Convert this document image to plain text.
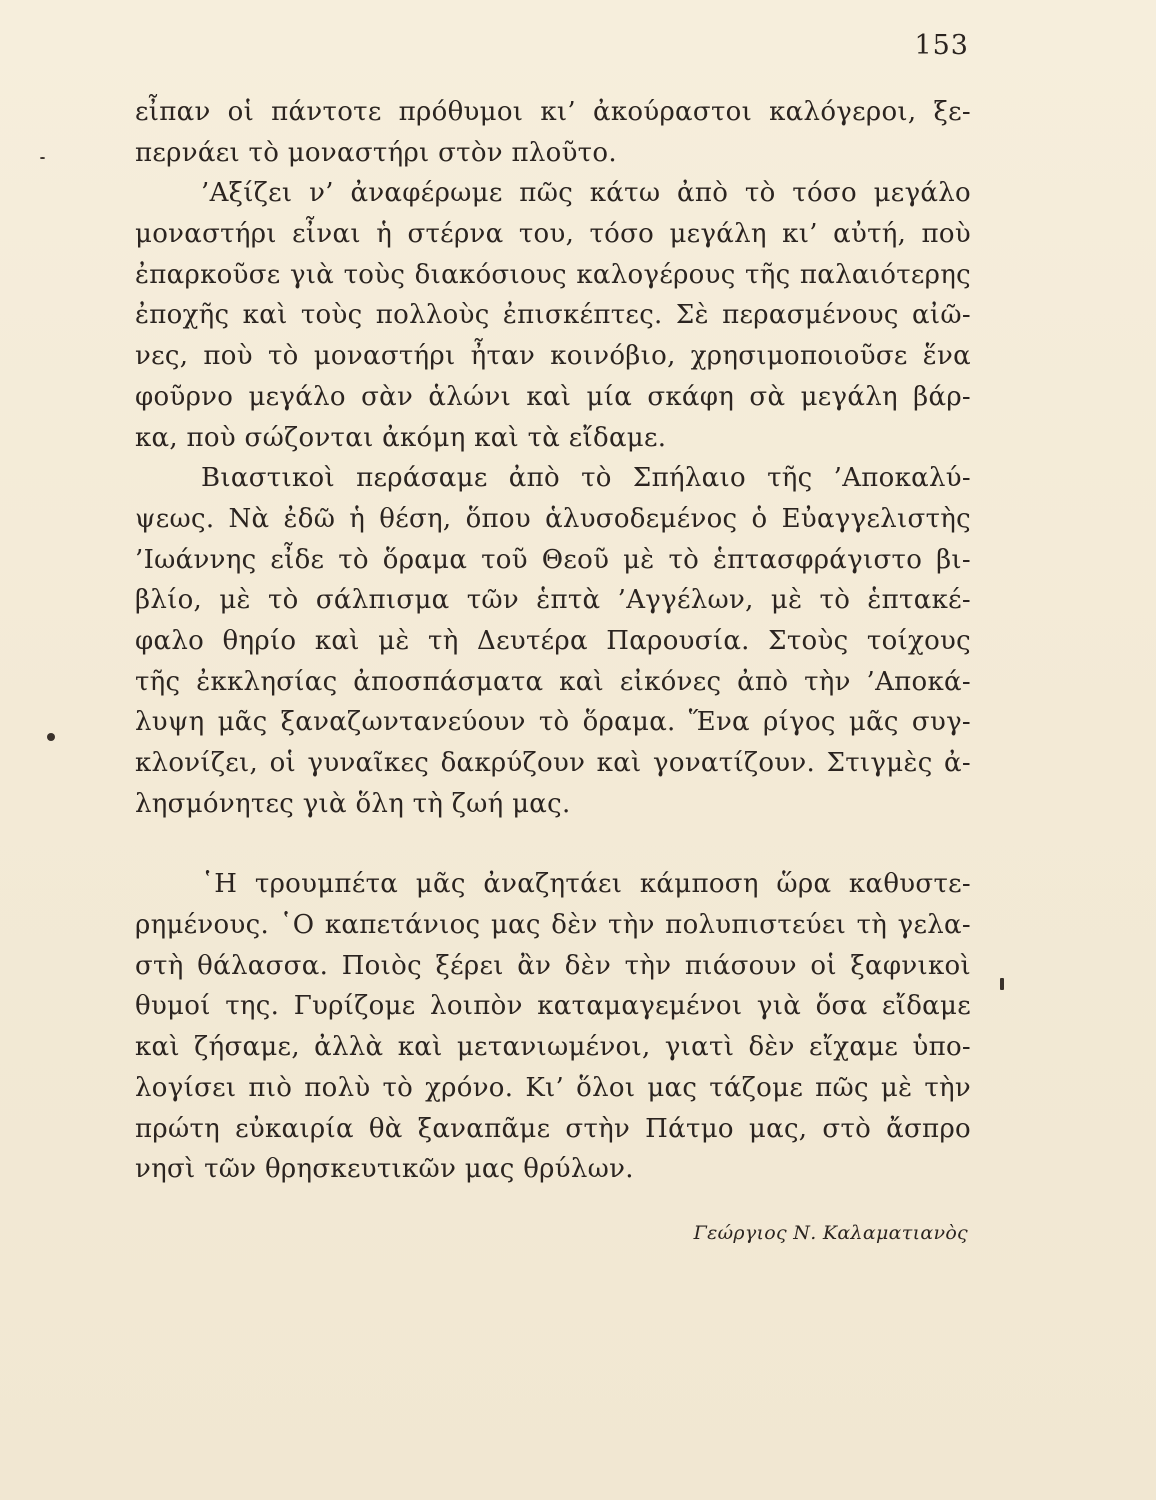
153
εἶπαν οἱ πάντοτε πρόθυμοι κι’ ἀκούραστοι καλόγεροι, ξε-
περνάει τὸ μοναστήρι στὸν πλοῦτο.
’Αξίζει ν’ ἀναφέρωμε πῶς κάτω ἀπὸ τὸ τόσο μεγάλο
μοναστήρι εἶναι ἡ στέρνα του, τόσο μεγάλη κι’ αὐτή, ποὺ
ἐπαρκοῦσε γιὰ τοὺς διακόσιους καλογέρους τῆς παλαιότερης
ἐποχῆς καὶ τοὺς πολλοὺς ἐπισκέπτες. Σὲ περασμένους αἰῶ-
νες, ποὺ τὸ μοναστήρι ἦταν κοινόβιο, χρησιμοποιοῦσε ἕνα
φοῦρνο μεγάλο σὰν ἁλώνι καὶ μία σκάφη σὰ μεγάλη βάρ-
κα, ποὺ σώζονται ἀκόμη καὶ τὰ εἴδαμε.
Βιαστικοὶ περάσαμε ἀπὸ τὸ Σπήλαιο τῆς ’Αποκαλύ-
ψεως. Νὰ ἐδῶ ἡ θέση, ὅπου ἁλυσοδεμένος ὁ Εὐαγγελιστὴς
’Ιωάννης εἶδε τὸ ὅραμα τοῦ Θεοῦ μὲ τὸ ἑπτασφράγιστο βι-
βλίο, μὲ τὸ σάλπισμα τῶν ἑπτὰ ’Αγγέλων, μὲ τὸ ἑπτακέ-
φαλο θηρίο καὶ μὲ τὴ Δευτέρα Παρουσία. Στοὺς τοίχους
τῆς ἐκκλησίας ἀποσπάσματα καὶ εἰκόνες ἀπὸ τὴν ’Αποκά-
λυψη μᾶς ξαναζωντανεύουν τὸ ὅραμα. Ἕνα ρίγος μᾶς συγ-
κλονίζει, οἱ γυναῖκες δακρύζουν καὶ γονατίζουν. Στιγμὲς ἀ-
λησμόνητες γιὰ ὅλη τὴ ζωή μας.
῾Η τρουμπέτα μᾶς ἀναζητάει κάμποση ὥρα καθυστε-
ρημένους. ῾Ο καπετάνιος μας δὲν τὴν πολυπιστεύει τὴ γελα-
στὴ θάλασσα. Ποιὸς ξέρει ἂν δὲν τὴν πιάσουν οἱ ξαφνικοὶ
θυμοί της. Γυρίζομε λοιπὸν καταμαγεμένοι γιὰ ὅσα εἴδαμε
καὶ ζήσαμε, ἀλλὰ καὶ μετανιωμένοι, γιατὶ δὲν εἴχαμε ὑπο-
λογίσει πιὸ πολὺ τὸ χρόνο. Κι’ ὅλοι μας τάζομε πῶς μὲ τὴν
πρώτη εὐκαιρία θὰ ξαναπᾶμε στὴν Πάτμο μας, στὸ ἄσπρο
νησὶ τῶν θρησκευτικῶν μας θρύλων.
Γεώργιος Ν. Καλαματιανὸς
